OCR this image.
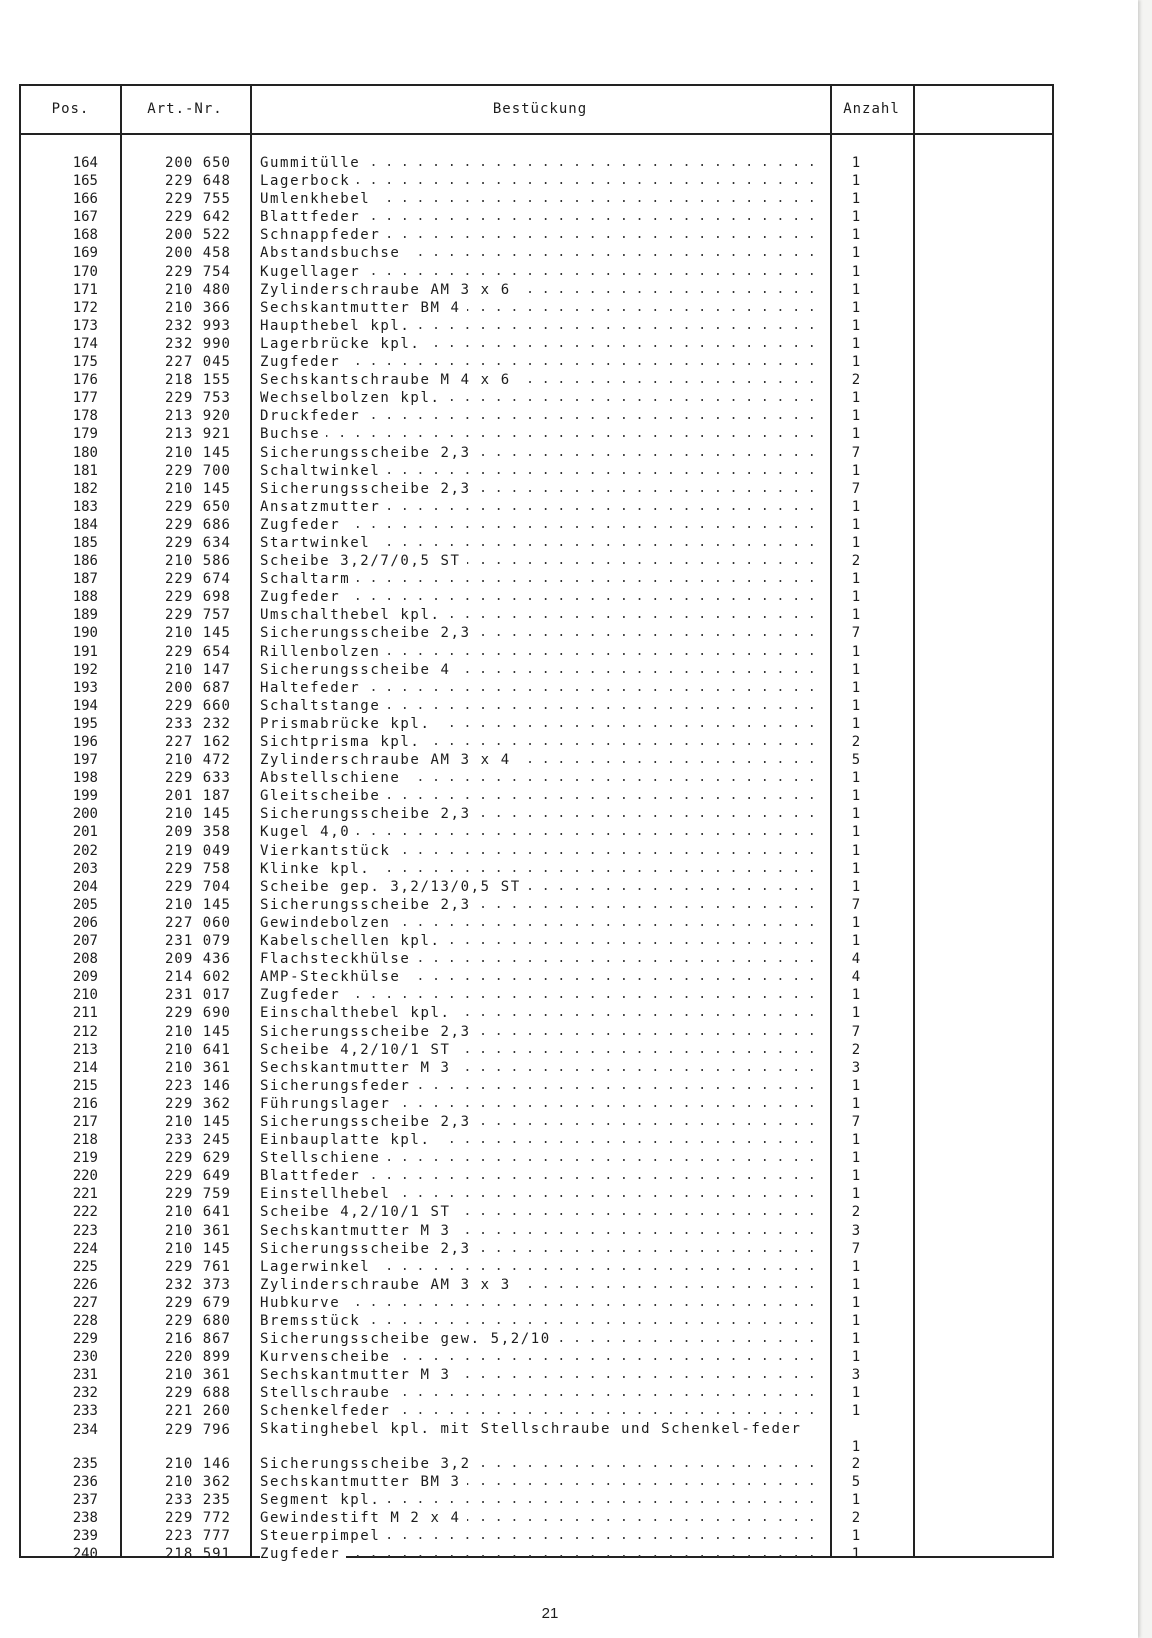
Pos.	Art.-Nr.	Bestückung	Anzahl
164	200 650 Gummitülle . . .	1
165	229 648 Lagerbock . . .	1
166	229 755 Umlenkhebel . . .	1
167	229 642 Blattfeder . . .	1
168	200 522 Schnappfeder . . .	1
169	200 458 Abstandsbuchse . . .	1
170	229 754 Kugellager . . .	1
171	210 480 Zylinderschraube AM 3 x 6 . . .	1
172	210 366 Sechskantmutter BM 4 . . .	1
173	232 993 Haupthebel kpl. . . .	1
174	232 990 Lagerbrücke kpl. . . .	1
175	227 045 Zugfeder . . .	1
176	218 155 Sechskantschraube M 4 x 6 . . .	2
177	229 753 Wechselbolzen kpl. . . .	1
178	213 920 Druckfeder . . .	1
179	213 921 Buchse . . .	1
180	210 145 Sicherungsscheibe 2,3 . . .	7
181	229 700 Schaltwinkel . . .	1
182	210 145 Sicherungsscheibe 2,3 . . .	7
183	229 650 Ansatzmutter . . .	1
184	229 686 Zugfeder . . .	1
185	229 634 Startwinkel . . .	1
186	210 586 Scheibe 3,2/7/0,5 ST . . .	2
187	229 674 Schaltarm . . .	1
188	229 698 Zugfeder . . .	1
189	229 757 Umschalthebel kpl. . . .	1
190	210 145 Sicherungsscheibe 2,3 . . .	7
191	229 654 Rillenbolzen . . .	1
192	210 147 Sicherungsscheibe 4 . . .	1
193	200 687 Haltefeder . . .	1
194	229 660 Schaltstange . . .	1
195	233 232 Prismabrücke kpl. . . .	1
196	227 162 Sichtprisma kpl. . . .	2
197	210 472 Zylinderschraube AM 3 x 4 . . .	5
198	229 633 Abstellschiene . . .	1
199	201 187 Gleitscheibe . . .	1
200	210 145 Sicherungsscheibe 2,3 . . .	1
201	209 358 Kugel 4,0 . . .	1
202	219 049 Vierkantstück . . .	1
203	229 758 Klinke kpl. . . .	1
204	229 704 Scheibe gep. 3,2/13/0,5 ST . . .	1
205	210 145 Sicherungsscheibe 2,3 . . .	7
206	227 060 Gewindebolzen . . .	1
207	231 079 Kabelschellen kpl. . . .	1
208	209 436 Flachsteckhülse . . .	4
209	214 602 AMP-Steckhülse . . .	4
210	231 017 Zugfeder . . .	1
211	229 690 Einschalthebel kpl. . . .	1
212	210 145 Sicherungsscheibe 2,3 . . .	7
213	210 641 Scheibe 4,2/10/1 ST . . .	2
214	210 361 Sechskantmutter M 3 . . .	3
215	223 146 Sicherungsfeder . . .	1
216	229 362 Führungslager . . .	1
217	210 145 Sicherungsscheibe 2,3 . . .	7
218	233 245 Einbauplatte kpl. . . .	1
219	229 629 Stellschiene . . .	1
220	229 649 Blattfeder . . .	1
221	229 759 Einstellhebel . . .	1
222	210 641 Scheibe 4,2/10/1 ST . . .	2
223	210 361 Sechskantmutter M 3 . . .	3
224	210 145 Sicherungsscheibe 2,3 . . .	7
225	229 761 Lagerwinkel . . .	1
226	232 373 Zylinderschraube AM 3 x 3 . . .	1
227	229 679 Hubkurve . . .	1
228	229 680 Bremsstück . . .	1
229	216 867 Sicherungsscheibe gew. 5,2/10 . . .	1
230	220 899 Kurvenscheibe . . .	1
231	210 361 Sechskantmutter M 3 . . .	3
232	229 688 Stellschraube . . .	1
233	221 260 Schenkelfeder . . .	1
234	229 796 Skatinghebel kpl. mit Stellschraube und Schenkel-feder . . .
1
235	210 146 Sicherungsscheibe 3,2 . . .	2
236	210 362 Sechskantmutter BM 3 . . .	5
237	233 235 Segment kpl. . . .	1
238	229 772 Gewindestift M 2 x 4 . . .	2
239	223 777 Steuerpimpel . . .	1
240	218 591 Zugfeder . . .	1
21
